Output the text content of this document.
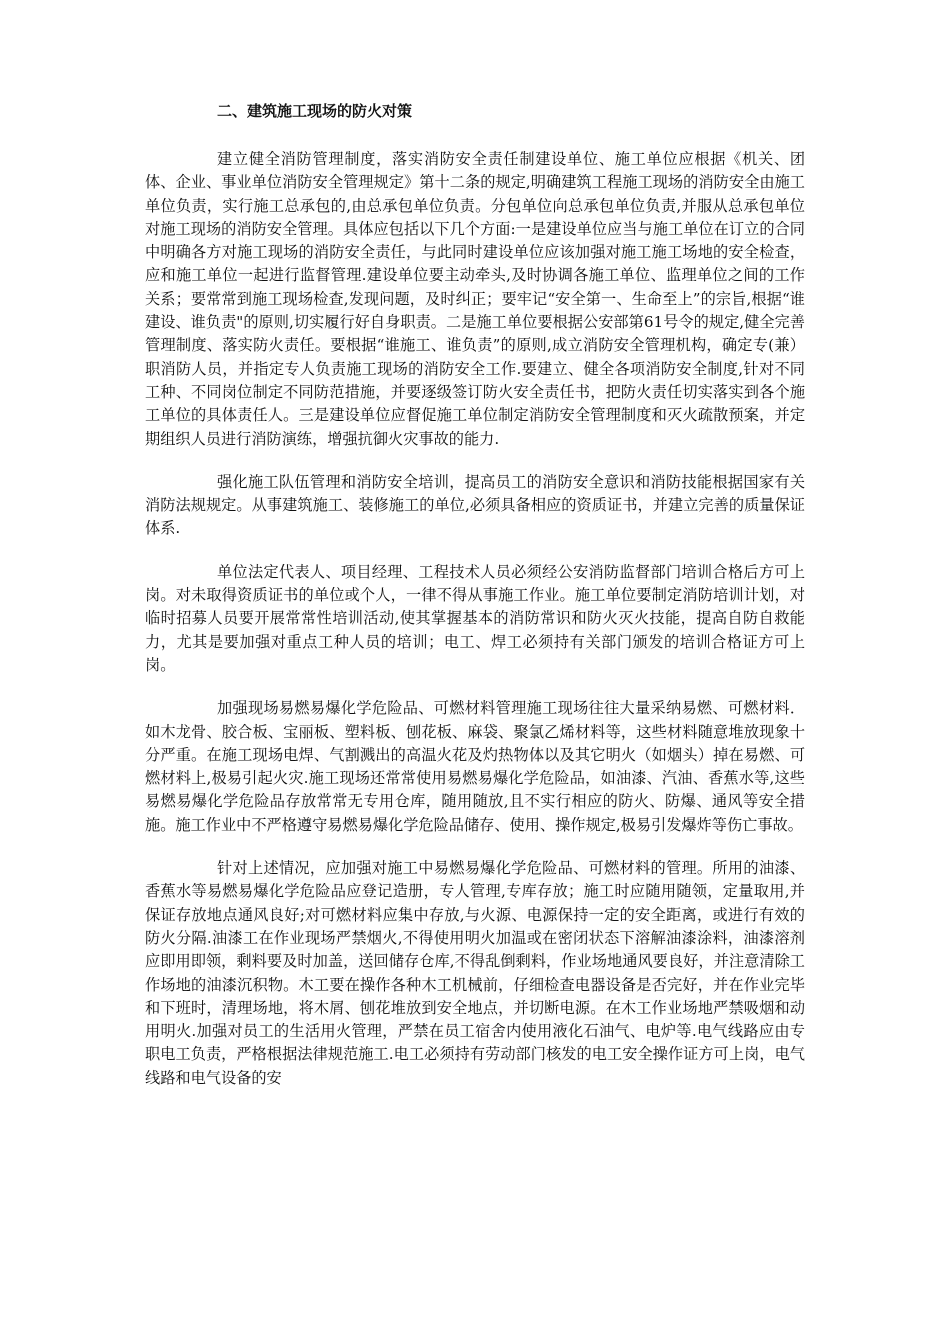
二、建筑施工现场的防火对策

建立健全消防管理制度，落实消防安全责任制建设单位、施工单位应根据《机关、团体、企业、事业单位消防安全管理规定》第十二条的规定,明确建筑工程施工现场的消防安全由施工单位负责，实行施工总承包的,由总承包单位负责。分包单位向总承包单位负责,并服从总承包单位对施工现场的消防安全管理。具体应包括以下几个方面:一是建设单位应当与施工单位在订立的合同中明确各方对施工现场的消防安全责任，与此同时建设单位应该加强对施工施工场地的安全检查，应和施工单位一起进行监督管理.建设单位要主动牵头,及时协调各施工单位、监理单位之间的工作关系；要常常到施工现场检查,发现问题，及时纠正；要牢记“安全第一、生命至上”的宗旨,根据“谁建设、谁负责"的原则,切实履行好自身职责。二是施工单位要根据公安部第61号令的规定,健全完善管理制度、落实防火责任。要根据“谁施工、谁负责”的原则,成立消防安全管理机构，确定专(兼）职消防人员，并指定专人负责施工现场的消防安全工作.要建立、健全各项消防安全制度,针对不同工种、不同岗位制定不同防范措施，并要逐级签订防火安全责任书，把防火责任切实落实到各个施工单位的具体责任人。三是建设单位应督促施工单位制定消防安全管理制度和灭火疏散预案，并定期组织人员进行消防演练，增强抗御火灾事故的能力.

强化施工队伍管理和消防安全培训，提高员工的消防安全意识和消防技能根据国家有关消防法规规定。从事建筑施工、装修施工的单位,必须具备相应的资质证书，并建立完善的质量保证体系.

单位法定代表人、项目经理、工程技术人员必须经公安消防监督部门培训合格后方可上岗。对未取得资质证书的单位或个人，一律不得从事施工作业。施工单位要制定消防培训计划，对临时招募人员要开展常常性培训活动,使其掌握基本的消防常识和防火灭火技能，提高自防自救能力，尤其是要加强对重点工种人员的培训；电工、焊工必须持有关部门颁发的培训合格证方可上岗。

加强现场易燃易爆化学危险品、可燃材料管理施工现场往往大量采纳易燃、可燃材料．如木龙骨、胶合板、宝丽板、塑料板、刨花板、麻袋、聚氯乙烯材料等，这些材料随意堆放现象十分严重。在施工现场电焊、气割溅出的高温火花及灼热物体以及其它明火（如烟头）掉在易燃、可燃材料上,极易引起火灾.施工现场还常常使用易燃易爆化学危险品，如油漆、汽油、香蕉水等,这些易燃易爆化学危险品存放常常无专用仓库，随用随放,且不实行相应的防火、防爆、通风等安全措施。施工作业中不严格遵守易燃易爆化学危险品储存、使用、操作规定,极易引发爆炸等伤亡事故。

针对上述情况，应加强对施工中易燃易爆化学危险品、可燃材料的管理。所用的油漆、香蕉水等易燃易爆化学危险品应登记造册，专人管理,专库存放；施工时应随用随领，定量取用,并保证存放地点通风良好;对可燃材料应集中存放,与火源、电源保持一定的安全距离，或进行有效的防火分隔.油漆工在作业现场严禁烟火,不得使用明火加温或在密闭状态下溶解油漆涂料，油漆溶剂应即用即领，剩料要及时加盖，送回储存仓库,不得乱倒剩料，作业场地通风要良好，并注意清除工作场地的油漆沉积物。木工要在操作各种木工机械前，仔细检查电器设备是否完好，并在作业完毕和下班时，清理场地，将木屑、刨花堆放到安全地点，并切断电源。在木工作业场地严禁吸烟和动用明火.加强对员工的生活用火管理，严禁在员工宿舍内使用液化石油气、电炉等.电气线路应由专职电工负责，严格根据法律规范施工.电工必须持有劳动部门核发的电工安全操作证方可上岗，电气线路和电气设备的安
